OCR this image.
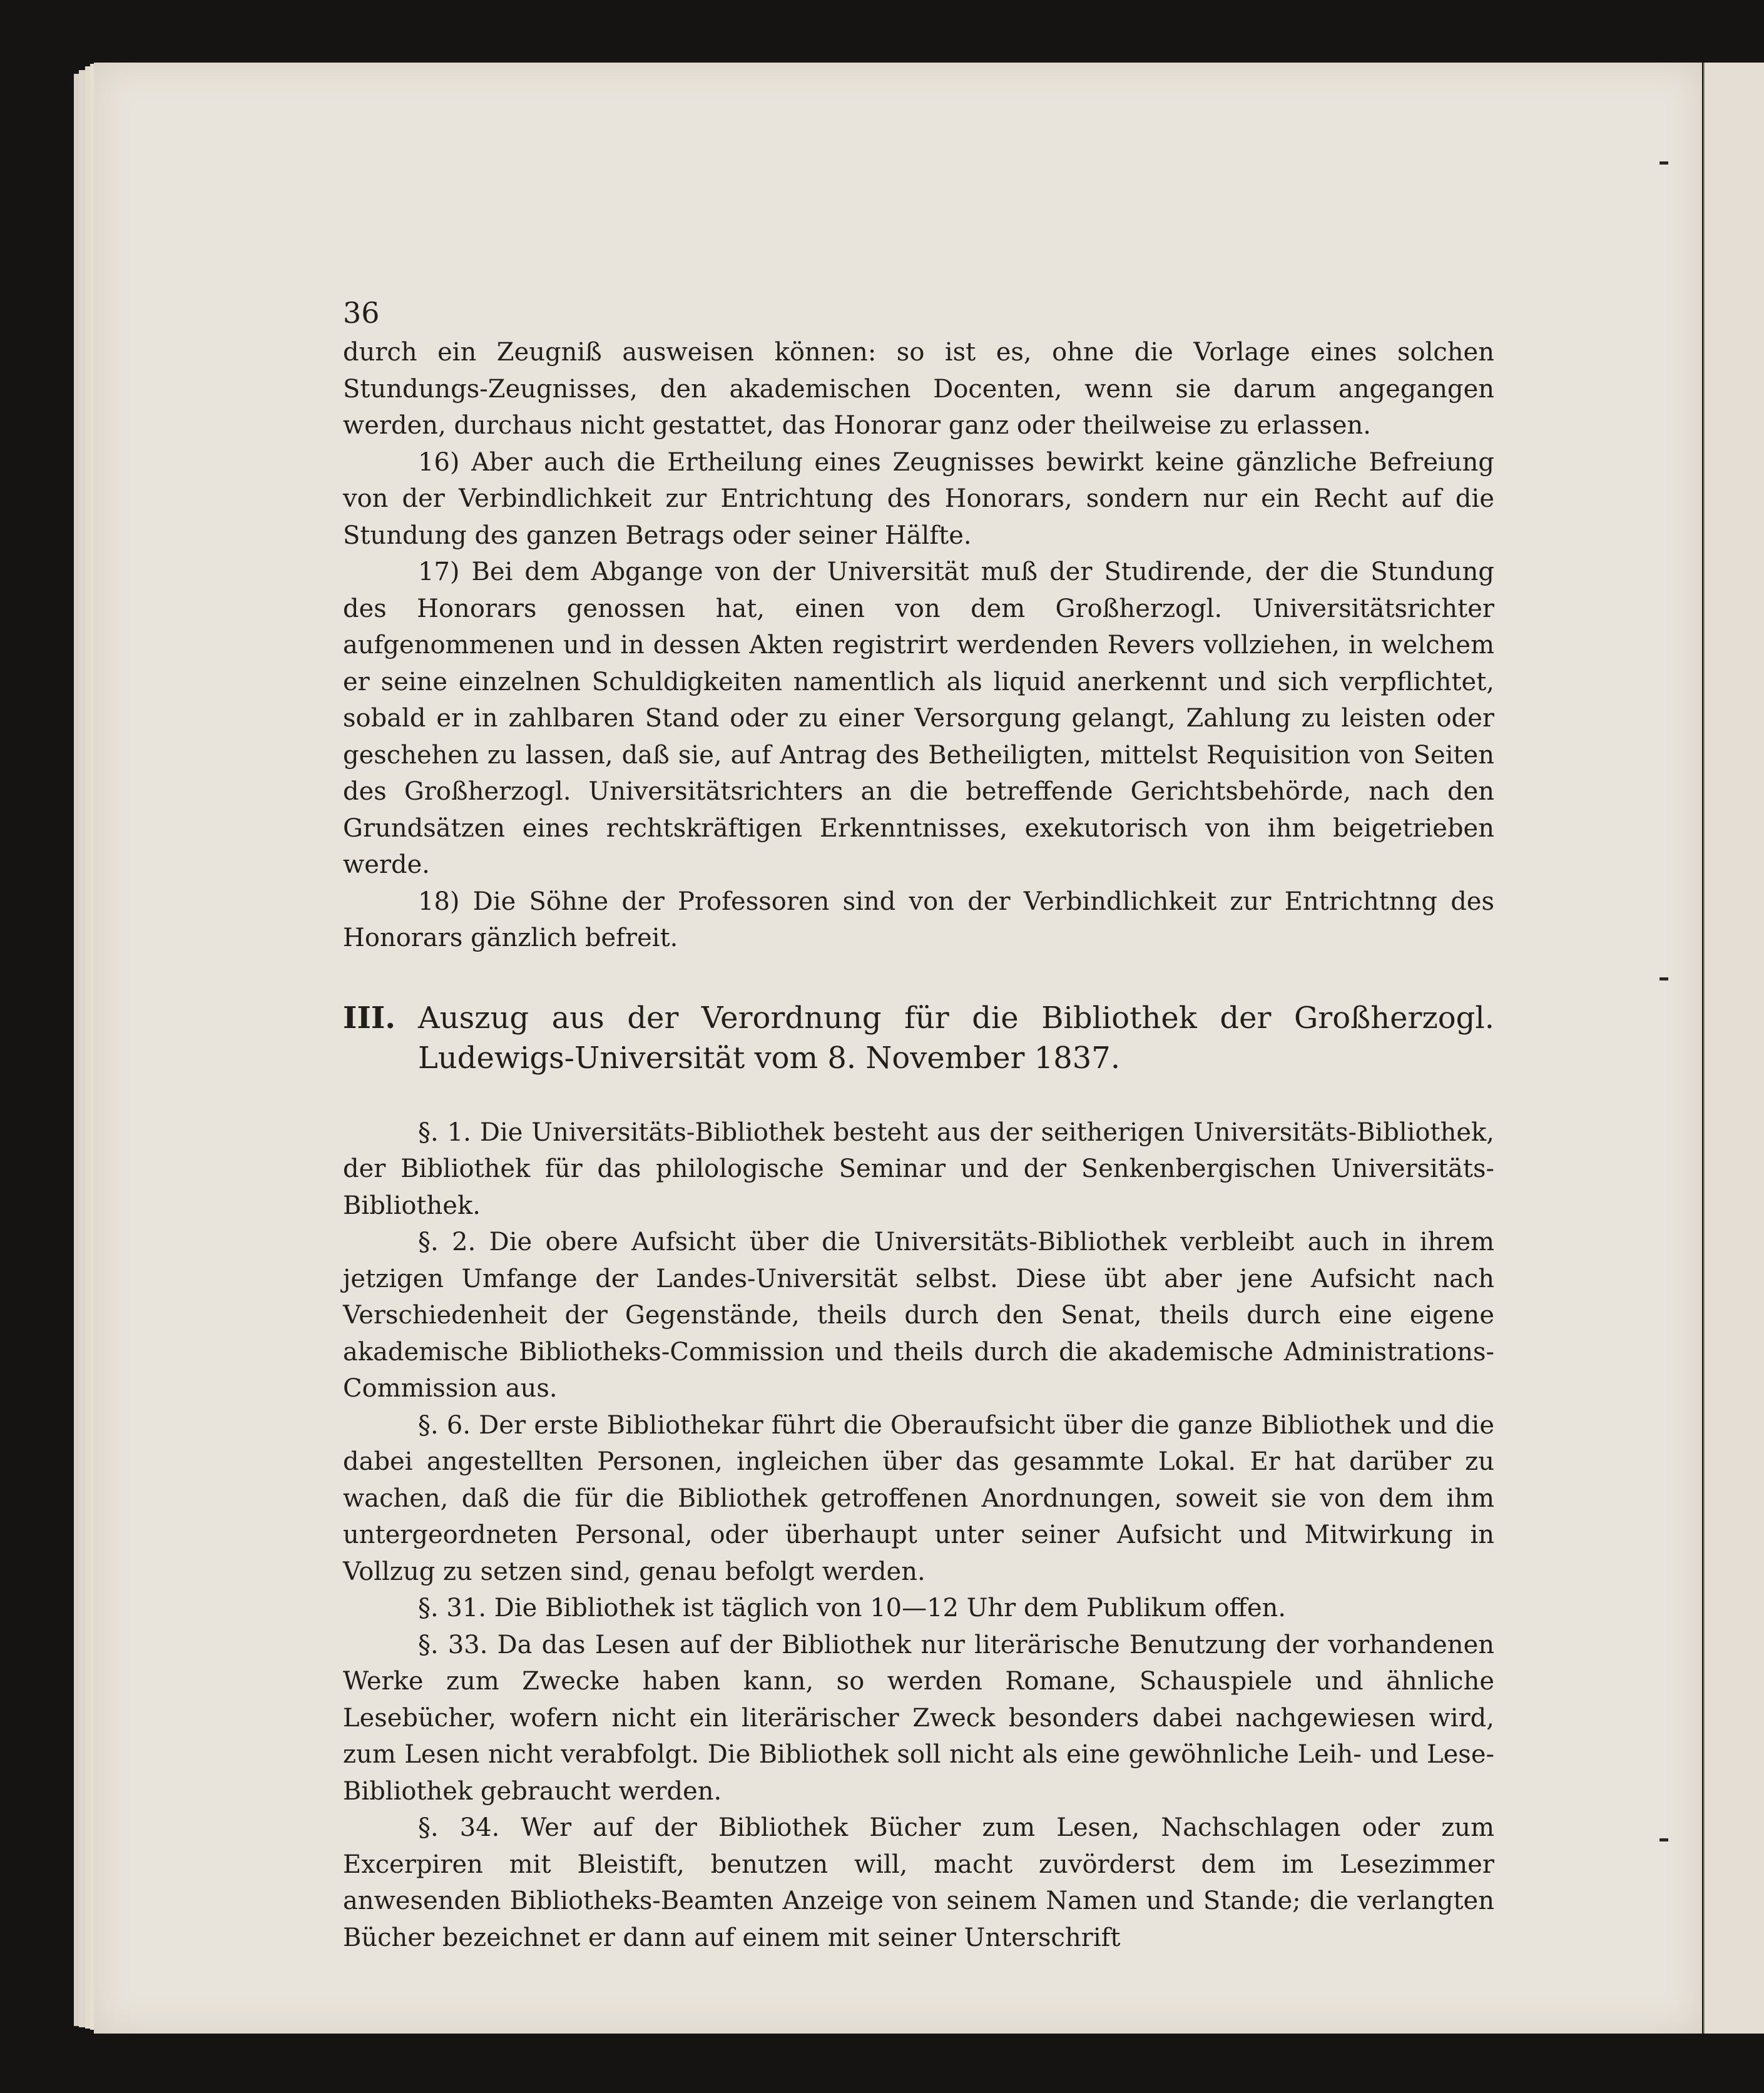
36

durch ein Zeugniß ausweisen können: so ist es, ohne die Vorlage eines solchen Stundungs-Zeugnisses, den akademischen Docenten, wenn sie darum angegangen werden, durchaus nicht gestattet, das Honorar ganz oder theilweise zu erlassen.

16) Aber auch die Ertheilung eines Zeugnisses bewirkt keine gänzliche Befreiung von der Verbindlichkeit zur Entrichtung des Honorars, sondern nur ein Recht auf die Stundung des ganzen Betrags oder seiner Hälfte.

17) Bei dem Abgange von der Universität muß der Studirende, der die Stundung des Honorars genossen hat, einen von dem Großherzogl. Universitätsrichter aufgenommenen und in dessen Akten registrirt werdenden Revers vollziehen, in welchem er seine einzelnen Schuldigkeiten namentlich als liquid anerkennt und sich verpflichtet, sobald er in zahlbaren Stand oder zu einer Versorgung gelangt, Zahlung zu leisten oder geschehen zu lassen, daß sie, auf Antrag des Betheiligten, mittelst Requisition von Seiten des Großherzogl. Universitätsrichters an die betreffende Gerichtsbehörde, nach den Grundsätzen eines rechtskräftigen Erkenntnisses, exekutorisch von ihm beigetrieben werde.

18) Die Söhne der Professoren sind von der Verbindlichkeit zur Entrichtnng des Honorars gänzlich befreit.

III. Auszug aus der Verordnung für die Bibliothek der Großherzogl. Ludewigs-Universität vom 8. November 1837.

§. 1. Die Universitäts-Bibliothek besteht aus der seitherigen Universitäts-Bibliothek, der Bibliothek für das philologische Seminar und der Senkenbergischen Universitäts-Bibliothek.

§. 2. Die obere Aufsicht über die Universitäts-Bibliothek verbleibt auch in ihrem jetzigen Umfange der Landes-Universität selbst. Diese übt aber jene Aufsicht nach Verschiedenheit der Gegenstände, theils durch den Senat, theils durch eine eigene akademische Bibliotheks-Commission und theils durch die akademische Administrations-Commission aus.

§. 6. Der erste Bibliothekar führt die Oberaufsicht über die ganze Bibliothek und die dabei angestellten Personen, ingleichen über das gesammte Lokal. Er hat darüber zu wachen, daß die für die Bibliothek getroffenen Anordnungen, soweit sie von dem ihm untergeordneten Personal, oder überhaupt unter seiner Aufsicht und Mitwirkung in Vollzug zu setzen sind, genau befolgt werden.

§. 31. Die Bibliothek ist täglich von 10—12 Uhr dem Publikum offen.

§. 33. Da das Lesen auf der Bibliothek nur literärische Benutzung der vorhandenen Werke zum Zwecke haben kann, so werden Romane, Schauspiele und ähnliche Lesebücher, wofern nicht ein literärischer Zweck besonders dabei nachgewiesen wird, zum Lesen nicht verabfolgt. Die Bibliothek soll nicht als eine gewöhnliche Leih- und Lese-Bibliothek gebraucht werden.

§. 34. Wer auf der Bibliothek Bücher zum Lesen, Nachschlagen oder zum Excerpiren mit Bleistift, benutzen will, macht zuvörderst dem im Lesezimmer anwesenden Bibliotheks-Beamten Anzeige von seinem Namen und Stande; die verlangten Bücher bezeichnet er dann auf einem mit seiner Unterschrift
